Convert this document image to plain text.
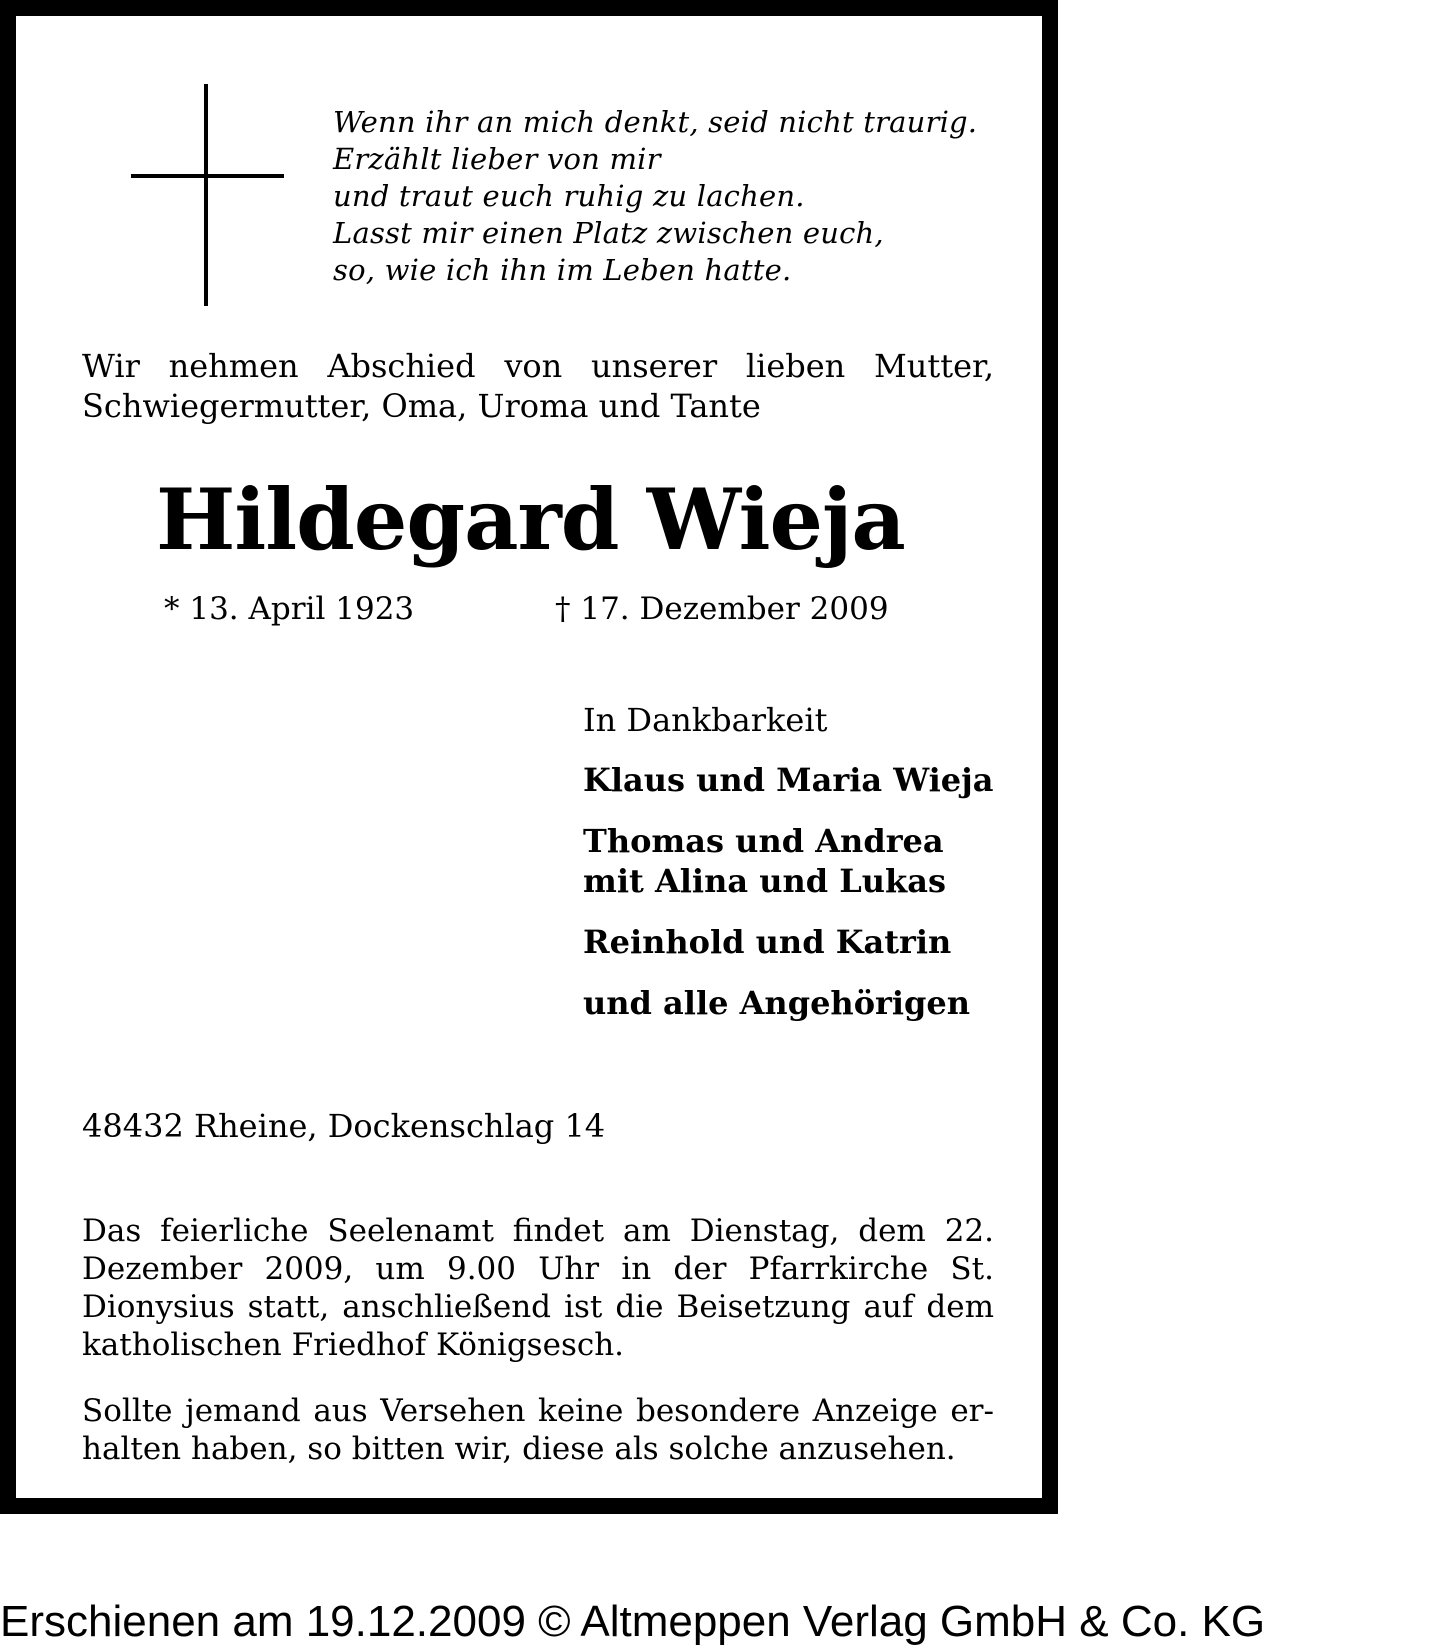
Wenn ihr an mich denkt, seid nicht traurig.
Erzählt lieber von mir
und traut euch ruhig zu lachen.
Lasst mir einen Platz zwischen euch,
so, wie ich ihn im Leben hatte.
Wir nehmen Abschied von unserer lieben Mutter,
Schwiegermutter, Oma, Uroma und Tante
Hildegard Wieja
* 13. April 1923	† 17. Dezember 2009
In Dankbarkeit
Klaus und Maria Wieja
Thomas und Andrea
mit Alina und Lukas
Reinhold und Katrin
und alle Angehörigen
48432 Rheine, Dockenschlag 14
Das feierliche Seelenamt findet am Dienstag, dem 22. Dezember 2009, um 9.00 Uhr in der Pfarrkirche St. Dionysius statt, anschließend ist die Beisetzung auf dem katholischen Friedhof Königsesch.
Sollte jemand aus Versehen keine besondere Anzeige erhalten haben, so bitten wir, diese als solche anzusehen.
Erschienen am 19.12.2009 © Altmeppen Verlag GmbH & Co. KG
